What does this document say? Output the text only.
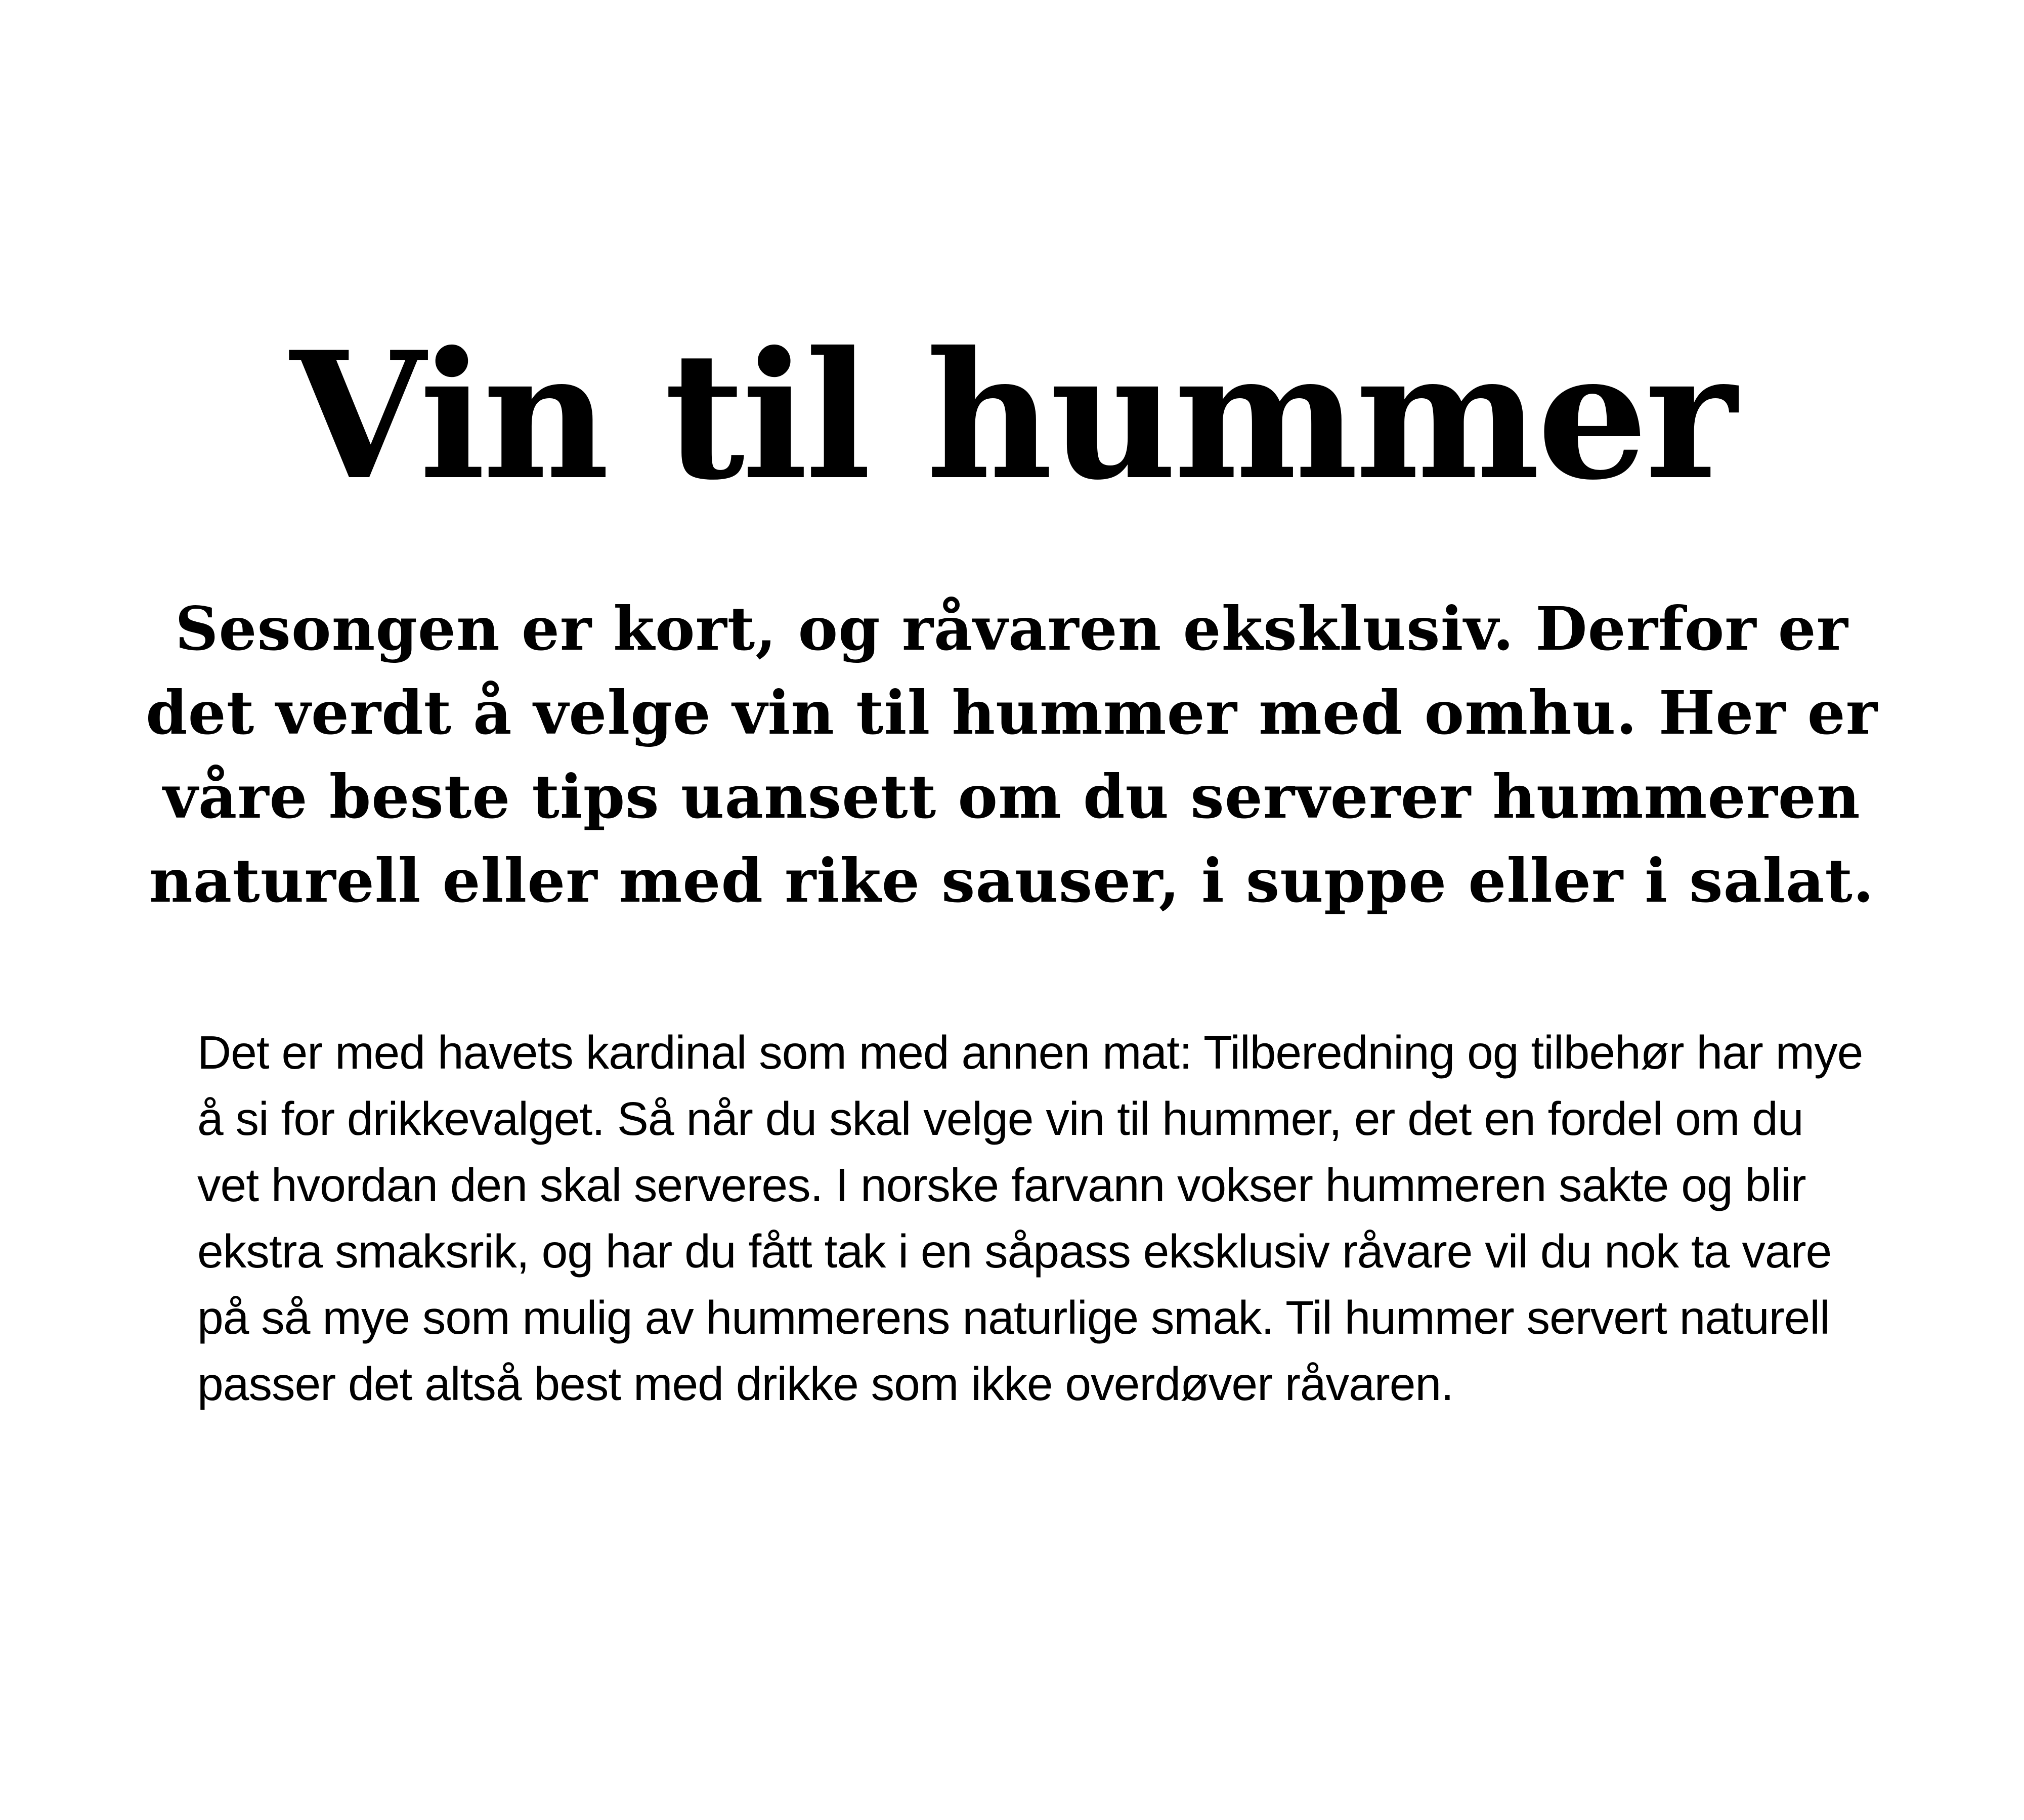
Vin til hummer

Sesongen er kort, og råvaren eksklusiv. Derfor er det verdt å velge vin til hummer med omhu. Her er våre beste tips uansett om du serverer hummeren naturell eller med rike sauser, i suppe eller i salat.

Det er med havets kardinal som med annen mat: Tilberedning og tilbehør har mye å si for drikkevalget. Så når du skal velge vin til hummer, er det en fordel om du vet hvordan den skal serveres. I norske farvann vokser hummeren sakte og blir ekstra smaksrik, og har du fått tak i en såpass eksklusiv råvare vil du nok ta vare på så mye som mulig av hummerens naturlige smak. Til hummer servert naturell passer det altså best med drikke som ikke overdøver råvaren.
